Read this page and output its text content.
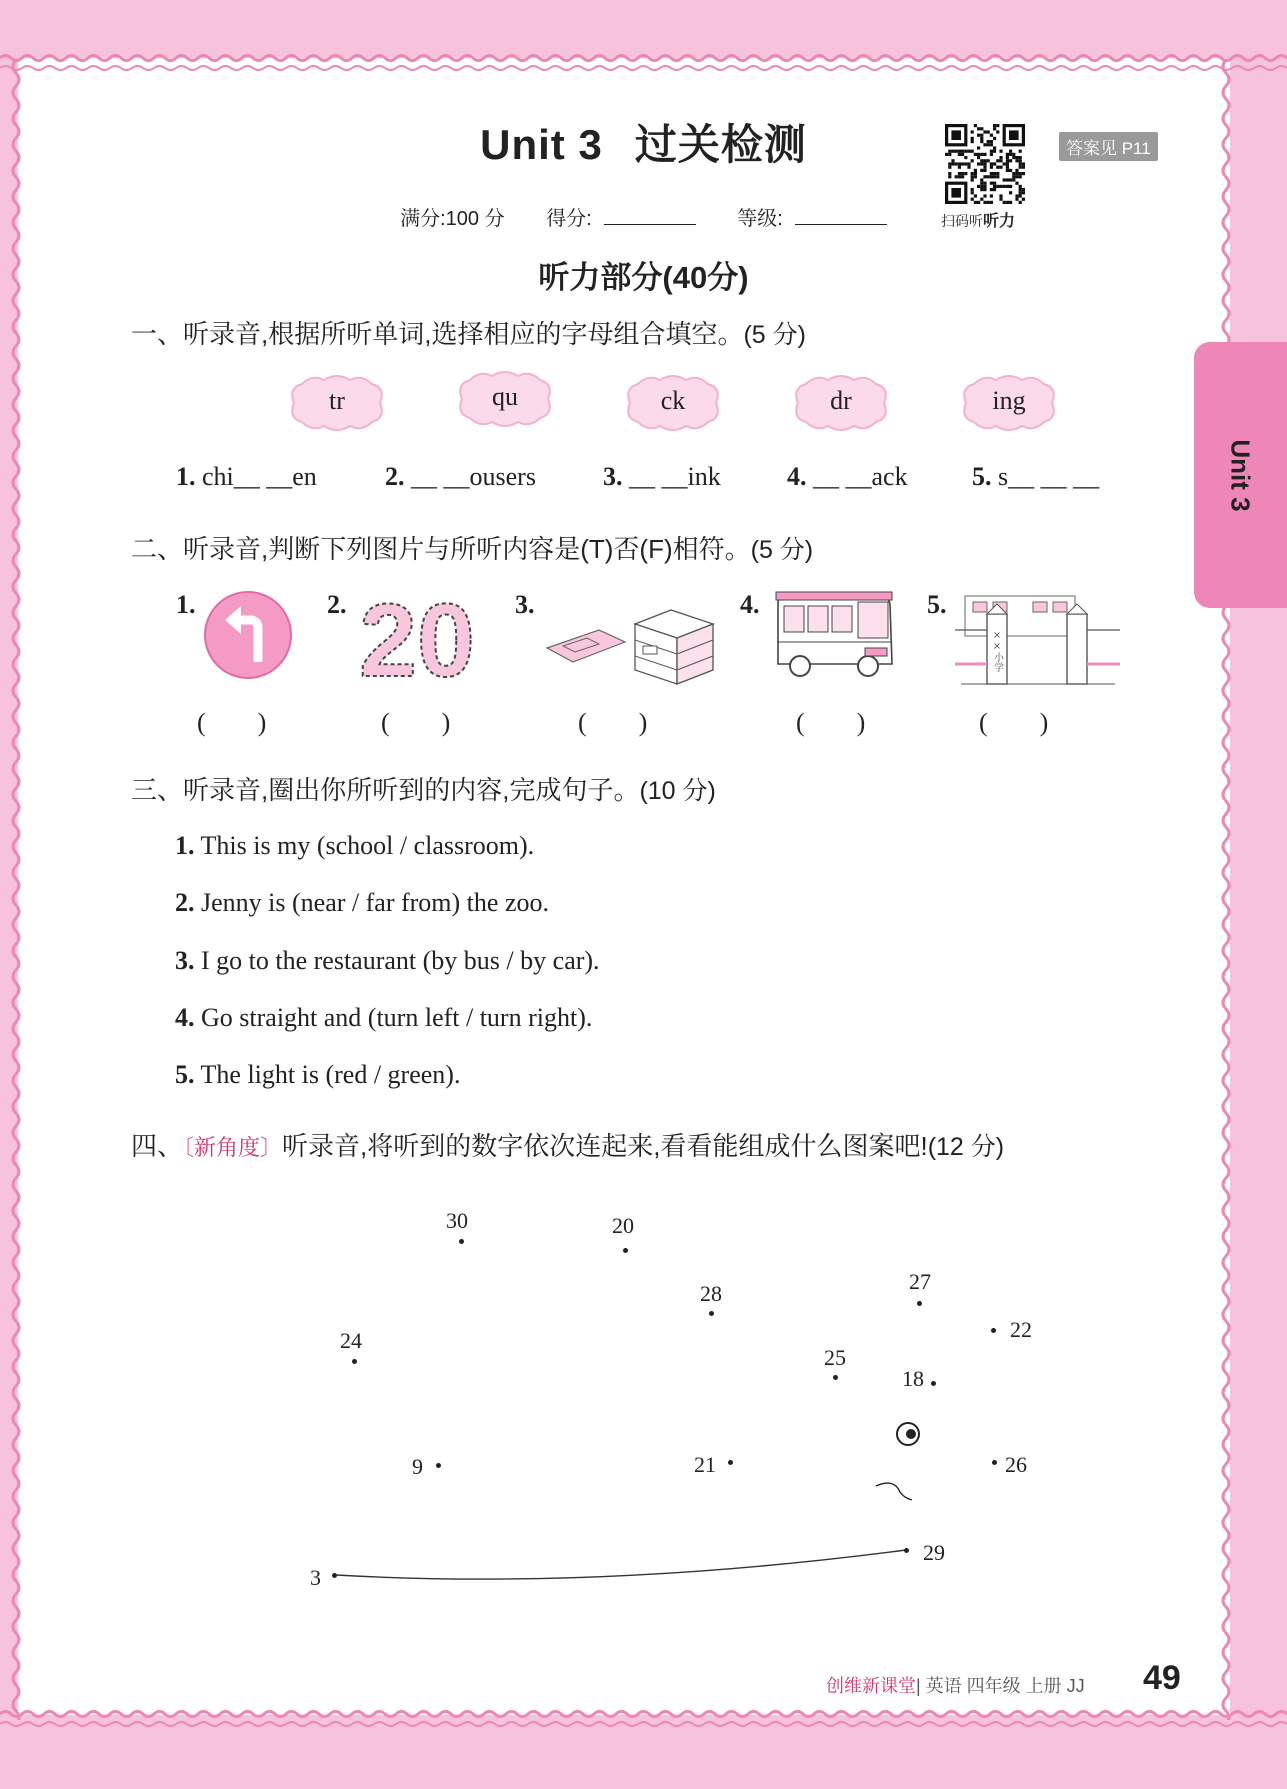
Unit 3
Unit 3 过关检测	答案见 P11
扫码听听力
满分:100 分 得分:	等级:
听力部分(40分)
一、听录音,根据所听单词,选择相应的字母组合填空。(5 分)
tr	qu	ck	dr	ing
1. chi__ __en	2. __ __ousers	3. __ __ink	4. __ __ack 5. s__ __ __
二、听录音,判断下列图片与所听内容是(T)否(F)相符。(5 分)
1.	2.	3.	4.	5.
20	××小学
(　　)	(　　)	(　　)	(　　)	(　　)
三、听录音,圈出你所听到的内容,完成句子。(10 分)
1. This is my (school / classroom).
2. Jenny is (near / far from) the zoo.
3. I go to the restaurant (by bus / by car).
4. Go straight and (turn left / turn right).
5. The light is (red / green).
四、〔新角度〕听录音,将听到的数字依次连起来,看看能组成什么图案吧!(12 分)
30	20
28	27
22
24
25
18
9	21	26
29
3
创维新课堂| 英语 四年级 上册 JJ 49
